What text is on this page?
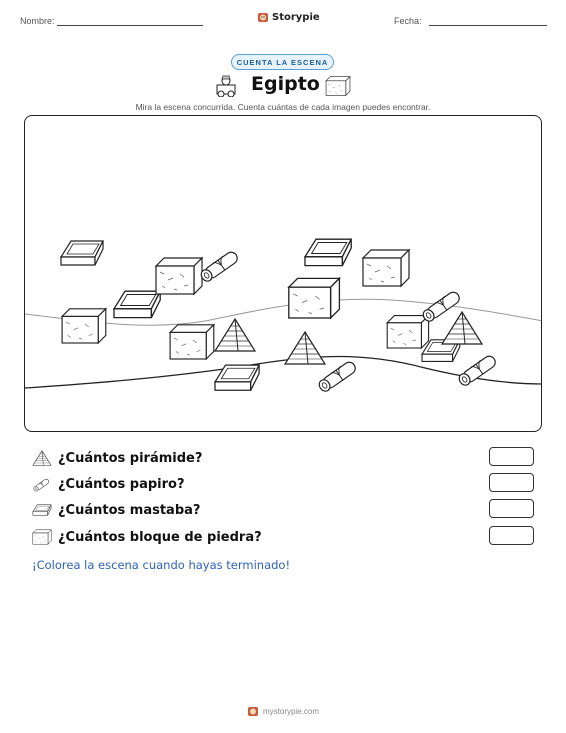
Nombre:	Storypie	Fecha:
CUENTA LA ESCENA
Egipto
Mira la escena concurrida. Cuenta cuántas de cada imagen puedes encontrar.
¿Cuántos pirámide?
¿Cuántos papiro?
¿Cuántos mastaba?
¿Cuántos bloque de piedra?
¡Colorea la escena cuando hayas terminado!
mystorypie.com
